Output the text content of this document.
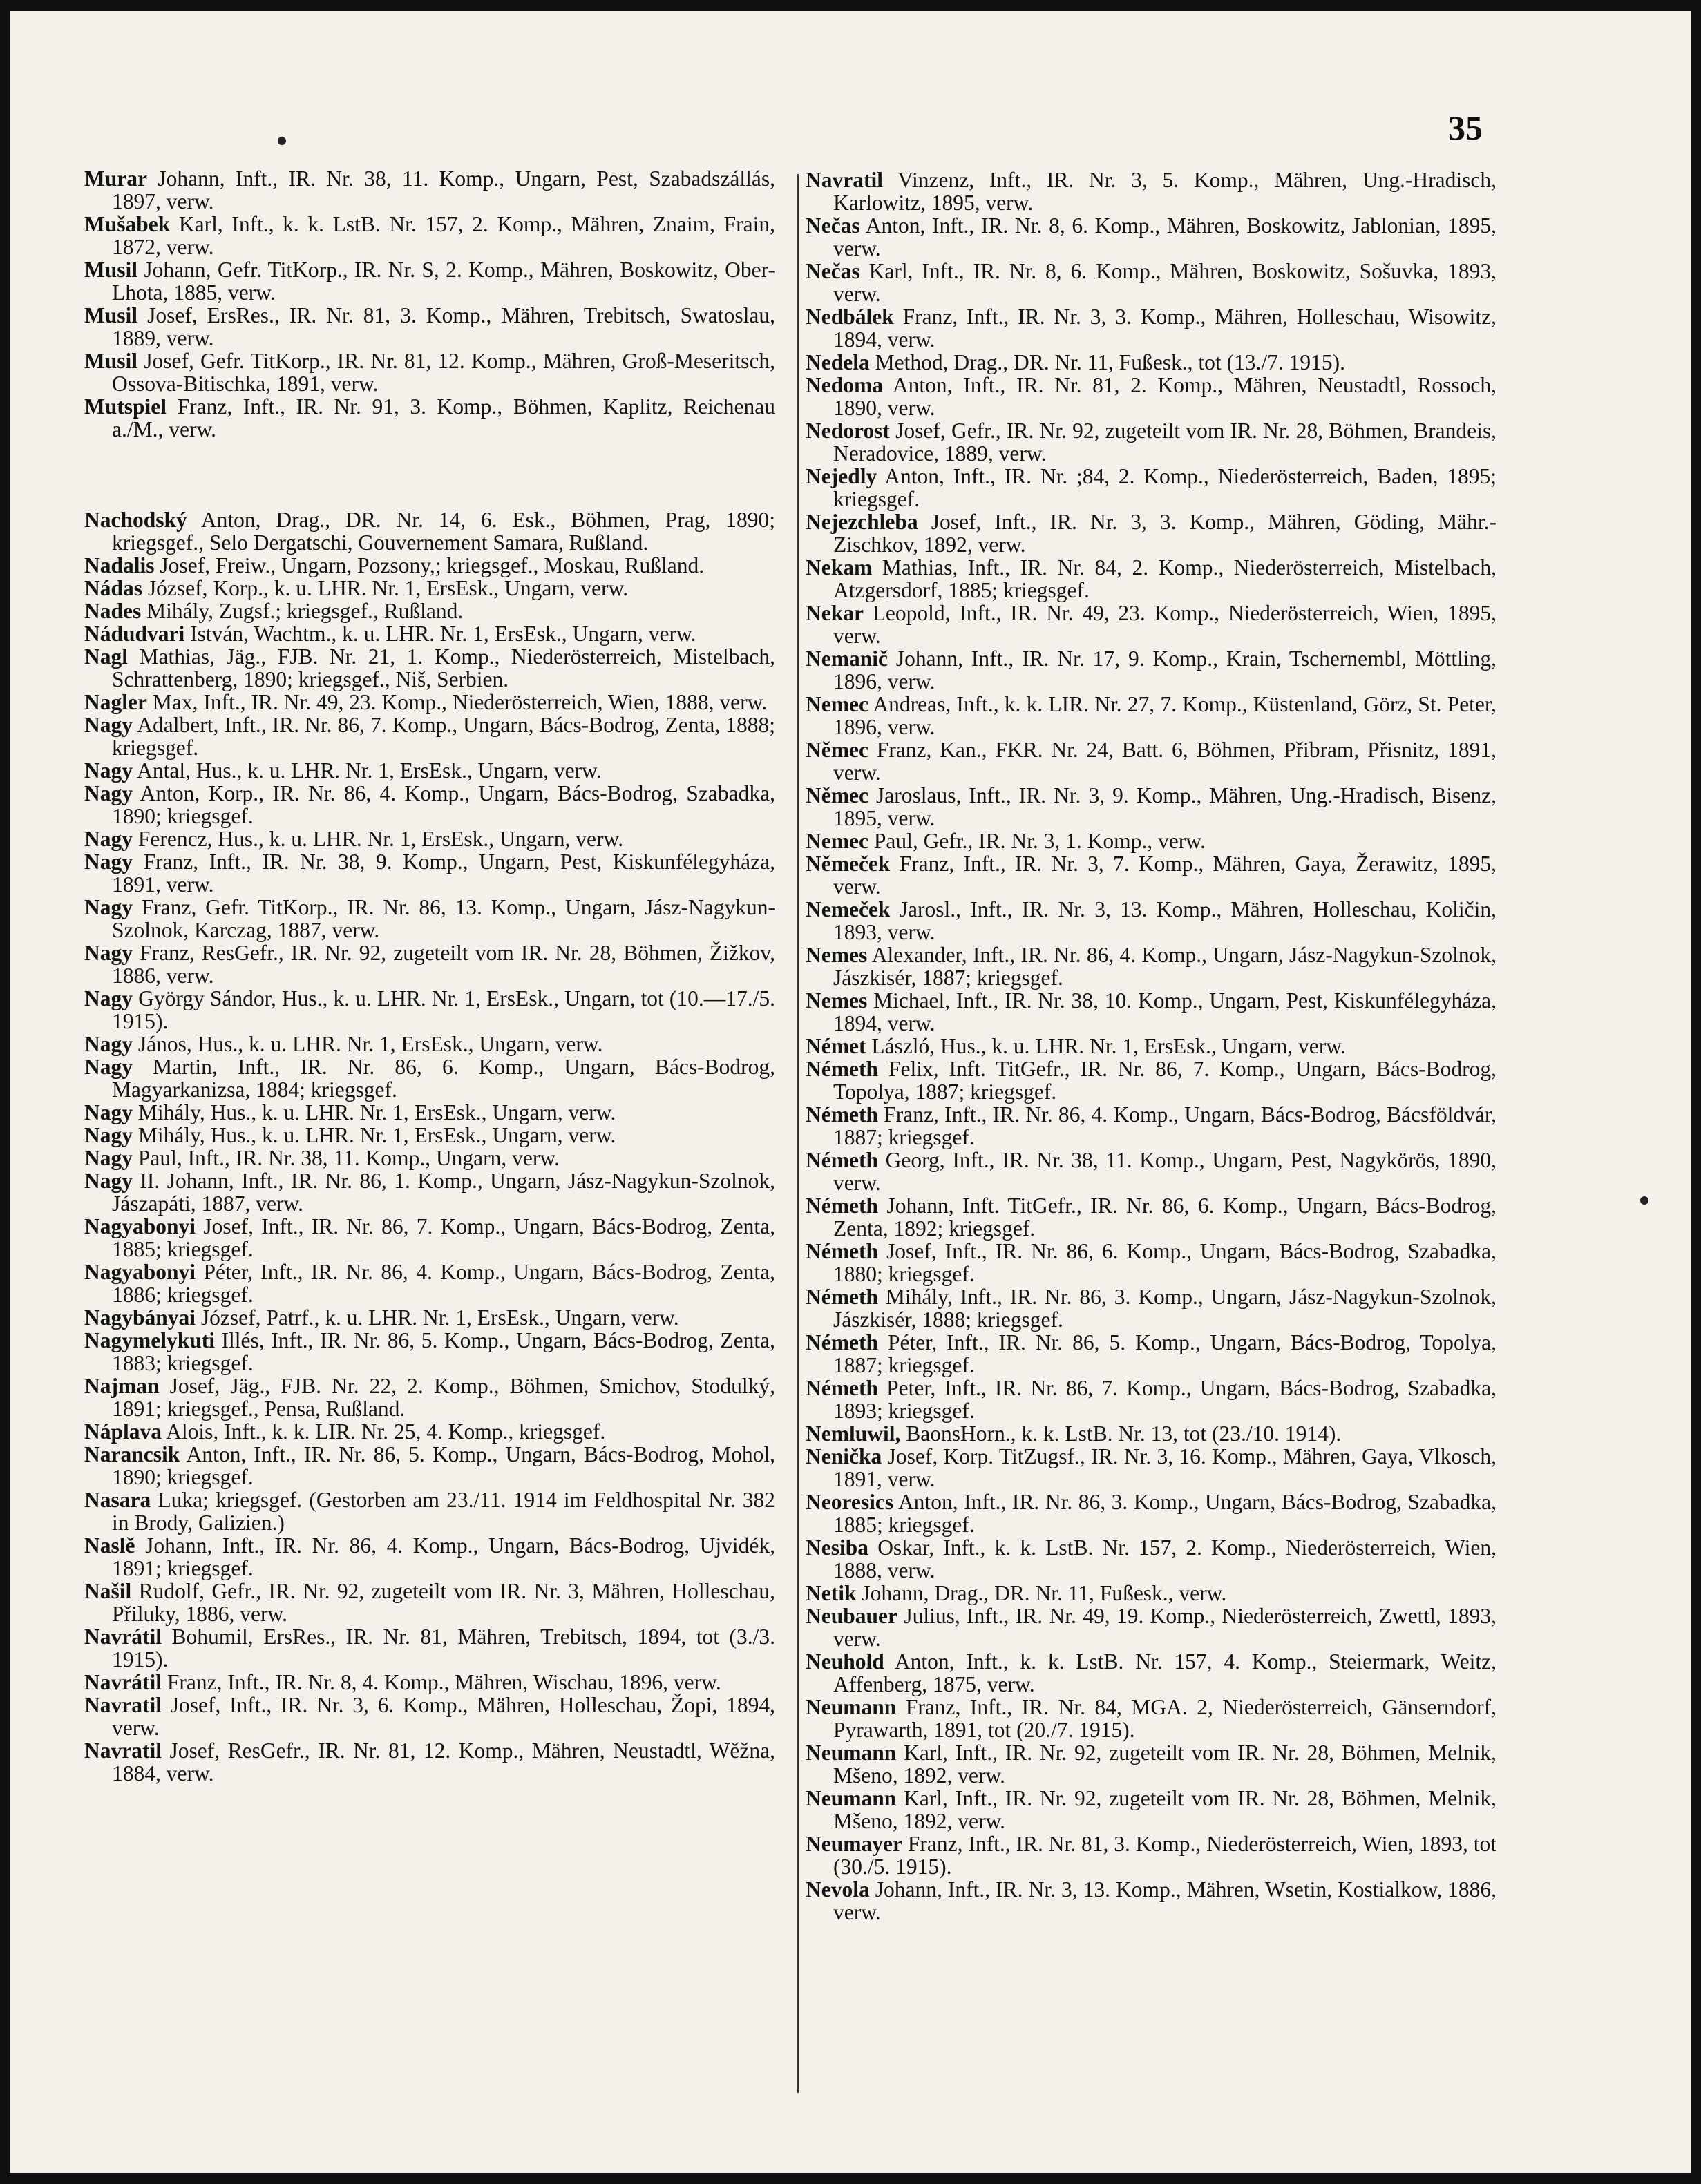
35

Murar Johann, Inft., IR. Nr. 38, 11. Komp., Ungarn, Pest, Szabadszállás, 1897, verw.

Mušabek Karl, Inft., k. k. LstB. Nr. 157, 2. Komp., Mähren, Znaim, Frain, 1872, verw.

Musil Johann, Gefr. TitKorp., IR. Nr. S, 2. Komp., Mähren, Boskowitz, Ober-Lhota, 1885, verw.

Musil Josef, ErsRes., IR. Nr. 81, 3. Komp., Mähren, Trebitsch, Swatoslau, 1889, verw.

Musil Josef, Gefr. TitKorp., IR. Nr. 81, 12. Komp., Mähren, Groß-Meseritsch, Ossova-Bitischka, 1891, verw.

Mutspiel Franz, Inft., IR. Nr. 91, 3. Komp., Böhmen, Kaplitz, Reichenau a./M., verw.

Nachodský Anton, Drag., DR. Nr. 14, 6. Esk., Böhmen, Prag, 1890; kriegsgef., Selo Dergatschi, Gouvernement Samara, Rußland.

Nadalis Josef, Freiw., Ungarn, Pozsony,; kriegsgef., Moskau, Rußland.

Nádas József, Korp., k. u. LHR. Nr. 1, ErsEsk., Ungarn, verw.

Nades Mihály, Zugsf.; kriegsgef., Rußland.

Nádudvari István, Wachtm., k. u. LHR. Nr. 1, ErsEsk., Ungarn, verw.

Nagl Mathias, Jäg., FJB. Nr. 21, 1. Komp., Niederösterreich, Mistelbach, Schrattenberg, 1890; kriegsgef., Niš, Serbien.

Nagler Max, Inft., IR. Nr. 49, 23. Komp., Niederösterreich, Wien, 1888, verw.

Nagy Adalbert, Inft., IR. Nr. 86, 7. Komp., Ungarn, Bács-Bodrog, Zenta, 1888; kriegsgef.

Nagy Antal, Hus., k. u. LHR. Nr. 1, ErsEsk., Ungarn, verw.

Nagy Anton, Korp., IR. Nr. 86, 4. Komp., Ungarn, Bács-Bodrog, Szabadka, 1890; kriegsgef.

Nagy Ferencz, Hus., k. u. LHR. Nr. 1, ErsEsk., Ungarn, verw.

Nagy Franz, Inft., IR. Nr. 38, 9. Komp., Ungarn, Pest, Kiskunfélegyháza, 1891, verw.

Nagy Franz, Gefr. TitKorp., IR. Nr. 86, 13. Komp., Ungarn, Jász-Nagykun-Szolnok, Karczag, 1887, verw.

Nagy Franz, ResGefr., IR. Nr. 92, zugeteilt vom IR. Nr. 28, Böhmen, Žižkov, 1886, verw.

Nagy György Sándor, Hus., k. u. LHR. Nr. 1, ErsEsk., Ungarn, tot (10.—17./5. 1915).

Nagy János, Hus., k. u. LHR. Nr. 1, ErsEsk., Ungarn, verw.

Nagy Martin, Inft., IR. Nr. 86, 6. Komp., Ungarn, Bács-Bodrog, Magyarkanizsa, 1884; kriegsgef.

Nagy Mihály, Hus., k. u. LHR. Nr. 1, ErsEsk., Ungarn, verw.

Nagy Mihály, Hus., k. u. LHR. Nr. 1, ErsEsk., Ungarn, verw.

Nagy Paul, Inft., IR. Nr. 38, 11. Komp., Ungarn, verw.

Nagy II. Johann, Inft., IR. Nr. 86, 1. Komp., Ungarn, Jász-Nagykun-Szolnok, Jászapáti, 1887, verw.

Nagyabonyi Josef, Inft., IR. Nr. 86, 7. Komp., Ungarn, Bács-Bodrog, Zenta, 1885; kriegsgef.

Nagyabonyi Péter, Inft., IR. Nr. 86, 4. Komp., Ungarn, Bács-Bodrog, Zenta, 1886; kriegsgef.

Nagybányai József, Patrf., k. u. LHR. Nr. 1, ErsEsk., Ungarn, verw.

Nagymelykuti Illés, Inft., IR. Nr. 86, 5. Komp., Ungarn, Bács-Bodrog, Zenta, 1883; kriegsgef.

Najman Josef, Jäg., FJB. Nr. 22, 2. Komp., Böhmen, Smichov, Stodulký, 1891; kriegsgef., Pensa, Rußland.

Náplava Alois, Inft., k. k. LIR. Nr. 25, 4. Komp., kriegsgef.

Narancsik Anton, Inft., IR. Nr. 86, 5. Komp., Ungarn, Bács-Bodrog, Mohol, 1890; kriegsgef.

Nasara Luka; kriegsgef. (Gestorben am 23./11. 1914 im Feldhospital Nr. 382 in Brody, Galizien.)

Naslě Johann, Inft., IR. Nr. 86, 4. Komp., Ungarn, Bács-Bodrog, Ujvidék, 1891; kriegsgef.

Našil Rudolf, Gefr., IR. Nr. 92, zugeteilt vom IR. Nr. 3, Mähren, Holleschau, Přiluky, 1886, verw.

Navrátil Bohumil, ErsRes., IR. Nr. 81, Mähren, Trebitsch, 1894, tot (3./3. 1915).

Navrátil Franz, Inft., IR. Nr. 8, 4. Komp., Mähren, Wischau, 1896, verw.

Navratil Josef, Inft., IR. Nr. 3, 6. Komp., Mähren, Holleschau, Žopi, 1894, verw.

Navratil Josef, ResGefr., IR. Nr. 81, 12. Komp., Mähren, Neustadtl, Wěžna, 1884, verw.

Navratil Vinzenz, Inft., IR. Nr. 3, 5. Komp., Mähren, Ung.-Hradisch, Karlowitz, 1895, verw.

Nečas Anton, Inft., IR. Nr. 8, 6. Komp., Mähren, Boskowitz, Jablonian, 1895, verw.

Nečas Karl, Inft., IR. Nr. 8, 6. Komp., Mähren, Boskowitz, Sošuvka, 1893, verw.

Nedbálek Franz, Inft., IR. Nr. 3, 3. Komp., Mähren, Holleschau, Wisowitz, 1894, verw.

Nedela Method, Drag., DR. Nr. 11, Fußesk., tot (13./7. 1915).

Nedoma Anton, Inft., IR. Nr. 81, 2. Komp., Mähren, Neustadtl, Rossoch, 1890, verw.

Nedorost Josef, Gefr., IR. Nr. 92, zugeteilt vom IR. Nr. 28, Böhmen, Brandeis, Neradovice, 1889, verw.

Nejedly Anton, Inft., IR. Nr. ;84, 2. Komp., Niederösterreich, Baden, 1895; kriegsgef.

Nejezchleba Josef, Inft., IR. Nr. 3, 3. Komp., Mähren, Göding, Mähr.-Zischkov, 1892, verw.

Nekam Mathias, Inft., IR. Nr. 84, 2. Komp., Niederösterreich, Mistelbach, Atzgersdorf, 1885; kriegsgef.

Nekar Leopold, Inft., IR. Nr. 49, 23. Komp., Niederösterreich, Wien, 1895, verw.

Nemanič Johann, Inft., IR. Nr. 17, 9. Komp., Krain, Tschernembl, Möttling, 1896, verw.

Nemec Andreas, Inft., k. k. LIR. Nr. 27, 7. Komp., Küstenland, Görz, St. Peter, 1896, verw.

Němec Franz, Kan., FKR. Nr. 24, Batt. 6, Böhmen, Přibram, Přisnitz, 1891, verw.

Němec Jaroslaus, Inft., IR. Nr. 3, 9. Komp., Mähren, Ung.-Hradisch, Bisenz, 1895, verw.

Nemec Paul, Gefr., IR. Nr. 3, 1. Komp., verw.

Němeček Franz, Inft., IR. Nr. 3, 7. Komp., Mähren, Gaya, Žerawitz, 1895, verw.

Nemeček Jarosl., Inft., IR. Nr. 3, 13. Komp., Mähren, Holleschau, Količin, 1893, verw.

Nemes Alexander, Inft., IR. Nr. 86, 4. Komp., Ungarn, Jász-Nagykun-Szolnok, Jászkisér, 1887; kriegsgef.

Nemes Michael, Inft., IR. Nr. 38, 10. Komp., Ungarn, Pest, Kiskunfélegyháza, 1894, verw.

Német László, Hus., k. u. LHR. Nr. 1, ErsEsk., Ungarn, verw.

Németh Felix, Inft. TitGefr., IR. Nr. 86, 7. Komp., Ungarn, Bács-Bodrog, Topolya, 1887; kriegsgef.

Németh Franz, Inft., IR. Nr. 86, 4. Komp., Ungarn, Bács-Bodrog, Bácsföldvár, 1887; kriegsgef.

Németh Georg, Inft., IR. Nr. 38, 11. Komp., Ungarn, Pest, Nagykörös, 1890, verw.

Németh Johann, Inft. TitGefr., IR. Nr. 86, 6. Komp., Ungarn, Bács-Bodrog, Zenta, 1892; kriegsgef.

Németh Josef, Inft., IR. Nr. 86, 6. Komp., Ungarn, Bács-Bodrog, Szabadka, 1880; kriegsgef.

Németh Mihály, Inft., IR. Nr. 86, 3. Komp., Ungarn, Jász-Nagykun-Szolnok, Jászkisér, 1888; kriegsgef.

Németh Péter, Inft., IR. Nr. 86, 5. Komp., Ungarn, Bács-Bodrog, Topolya, 1887; kriegsgef.

Németh Peter, Inft., IR. Nr. 86, 7. Komp., Ungarn, Bács-Bodrog, Szabadka, 1893; kriegsgef.

Nemluwil, BaonsHorn., k. k. LstB. Nr. 13, tot (23./10. 1914).

Nenička Josef, Korp. TitZugsf., IR. Nr. 3, 16. Komp., Mähren, Gaya, Vlkosch, 1891, verw.

Neoresics Anton, Inft., IR. Nr. 86, 3. Komp., Ungarn, Bács-Bodrog, Szabadka, 1885; kriegsgef.

Nesiba Oskar, Inft., k. k. LstB. Nr. 157, 2. Komp., Niederösterreich, Wien, 1888, verw.

Netik Johann, Drag., DR. Nr. 11, Fußesk., verw.

Neubauer Julius, Inft., IR. Nr. 49, 19. Komp., Niederösterreich, Zwettl, 1893, verw.

Neuhold Anton, Inft., k. k. LstB. Nr. 157, 4. Komp., Steiermark, Weitz, Affenberg, 1875, verw.

Neumann Franz, Inft., IR. Nr. 84, MGA. 2, Niederösterreich, Gänserndorf, Pyrawarth, 1891, tot (20./7. 1915).

Neumann Karl, Inft., IR. Nr. 92, zugeteilt vom IR. Nr. 28, Böhmen, Melnik, Mšeno, 1892, verw.

Neumann Karl, Inft., IR. Nr. 92, zugeteilt vom IR. Nr. 28, Böhmen, Melnik, Mšeno, 1892, verw.

Neumayer Franz, Inft., IR. Nr. 81, 3. Komp., Niederösterreich, Wien, 1893, tot (30./5. 1915).

Nevola Johann, Inft., IR. Nr. 3, 13. Komp., Mähren, Wsetin, Kostialkow, 1886, verw.
